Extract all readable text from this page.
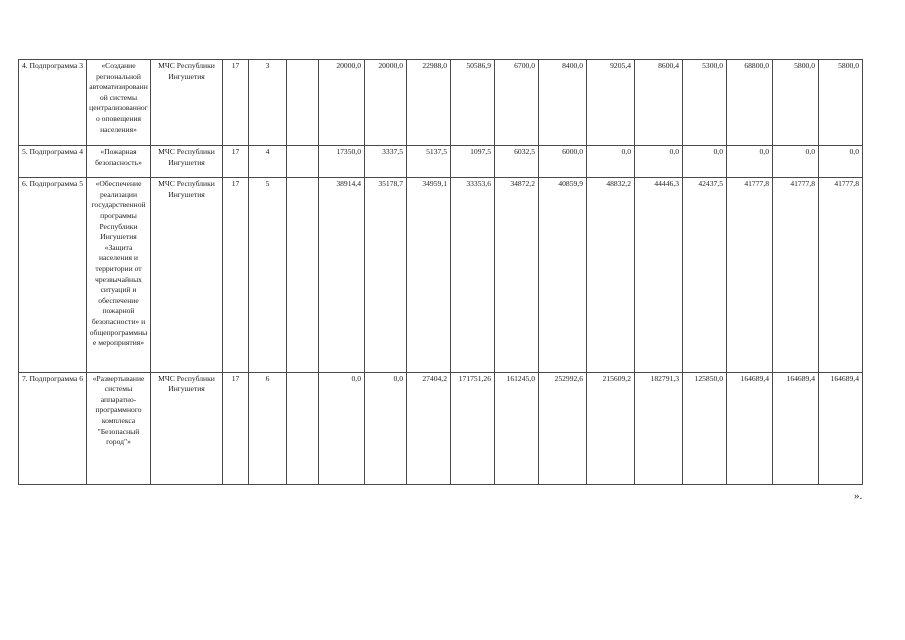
4. Подпрограмма 3	«Создание региональной автоматизированной системы централизованного оповещения населения»	МЧС Республики Ингушетия	17	3		20000,0	20000,0	22988,0	50586,9	6700,0	8400,0	9205,4	8600,4	5300,0	68800,0	5800,0	5800,0
5. Подпрограмма 4	«Пожарная безопасность»	МЧС Республики Ингушетия	17	4		17350,0	3337,5	5137,5	1097,5	6032,5	6000,0	0,0	0,0	0,0	0,0	0,0	0,0
6. Подпрограмма 5	«Обеспечение реализации государственной программы Республики Ингушетия «Защита населения и территории от чрезвычайных ситуаций и обеспечение пожарной безопасности» и общепрограммные мероприятия»	МЧС Республики Ингушетия	17	5		38914,4	35178,7	34959,1	33353,6	34872,2	40859,9	48832,2	44446,3	42437,5	41777,8	41777,8	41777,8
7. Подпрограмма 6	«Развертывание системы аппаратно-программного комплекса "Безопасный город"»	МЧС Республики Ингушетия	17	6		0,0	0,0	27404,2	171751,26	161245,0	252992,6	215609,2	182791,3	125850,0	164689,4	164689,4	164689,4
».
